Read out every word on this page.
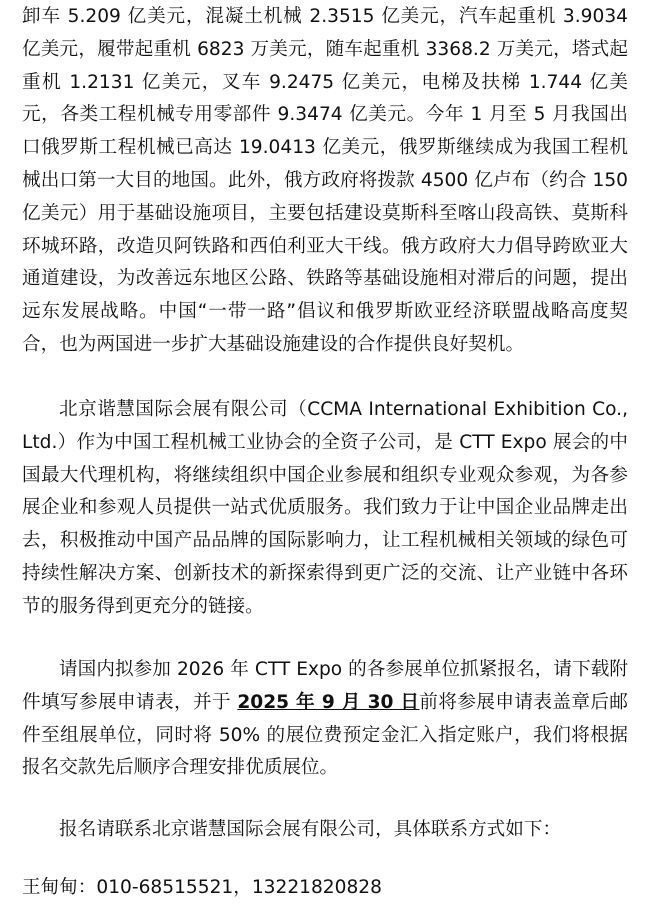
卸车 5.209 亿美元，混凝土机械 2.3515 亿美元，汽车起重机 3.9034 亿美元，履带起重机 6823 万美元，随车起重机 3368.2 万美元，塔式起重机 1.2131 亿美元，叉车 9.2475 亿美元，电梯及扶梯 1.744 亿美元，各类工程机械专用零部件 9.3474 亿美元。今年 1 月至 5 月我国出口俄罗斯工程机械已高达 19.0413 亿美元，俄罗斯继续成为我国工程机械出口第一大目的地国。此外，俄方政府将拨款 4500 亿卢布（约合 150 亿美元）用于基础设施项目，主要包括建设莫斯科至喀山段高铁、莫斯科环城环路，改造贝阿铁路和西伯利亚大干线。俄方政府大力倡导跨欧亚大通道建设，为改善远东地区公路、铁路等基础设施相对滞后的问题，提出远东发展战略。中国“一带一路”倡议和俄罗斯欧亚经济联盟战略高度契合，也为两国进一步扩大基础设施建设的合作提供良好契机。

北京谐慧国际会展有限公司（CCMA International Exhibition Co., Ltd.）作为中国工程机械工业协会的全资子公司，是 CTT Expo 展会的中国最大代理机构，将继续组织中国企业参展和组织专业观众参观，为各参展企业和参观人员提供一站式优质服务。我们致力于让中国企业品牌走出去，积极推动中国产品品牌的国际影响力，让工程机械相关领域的绿色可持续性解决方案、创新技术的新探索得到更广泛的交流、让产业链中各环节的服务得到更充分的链接。

请国内拟参加 2026 年 CTT Expo 的各参展单位抓紧报名，请下载附件填写参展申请表，并于 2025 年 9 月 30 日前将参展申请表盖章后邮件至组展单位，同时将 50% 的展位费预定金汇入指定账户，我们将根据报名交款先后顺序合理安排优质展位。

报名请联系北京谐慧国际会展有限公司，具体联系方式如下：

王甸甸：010-68515521，13221820828
